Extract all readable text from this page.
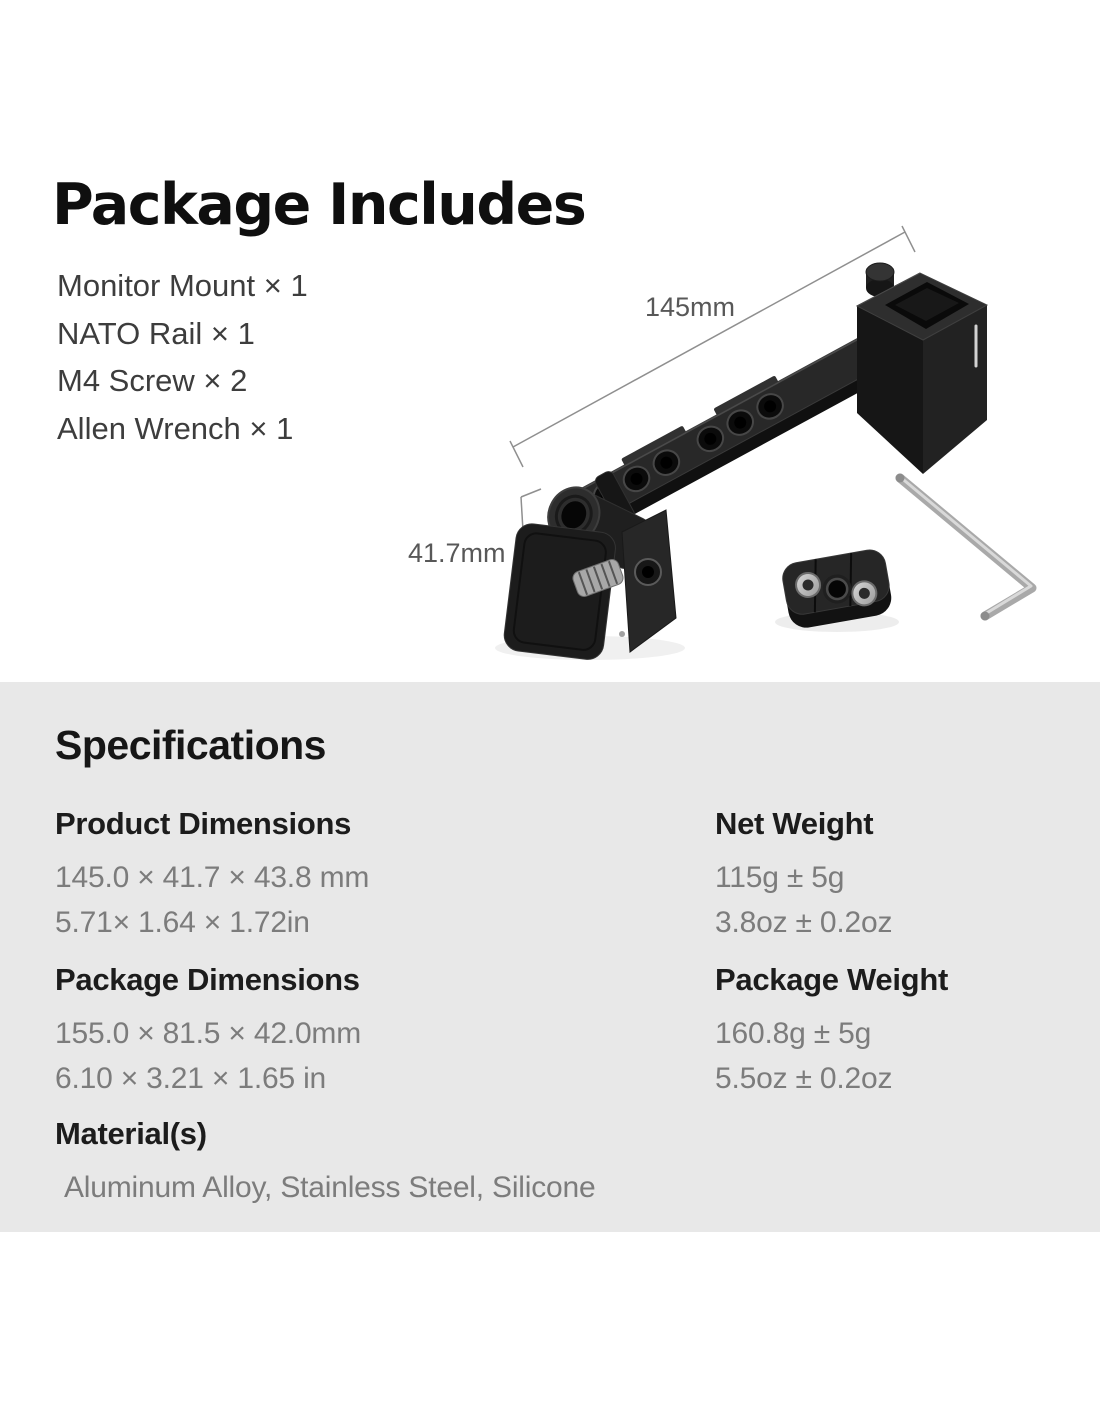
Package Includes
Monitor Mount × 1
NATO Rail × 1
M4 Screw × 2
Allen Wrench × 1
145mm
41.7mm
Specifications
Product Dimensions
145.0 × 41.7 × 43.8 mm
5.71× 1.64 × 1.72in
Net Weight
115g ± 5g
3.8oz ± 0.2oz
Package Dimensions
155.0 × 81.5 × 42.0mm
6.10 × 3.21 × 1.65 in
Package Weight
160.8g ± 5g
5.5oz ± 0.2oz
Material(s)
Aluminum Alloy, Stainless Steel, Silicone
